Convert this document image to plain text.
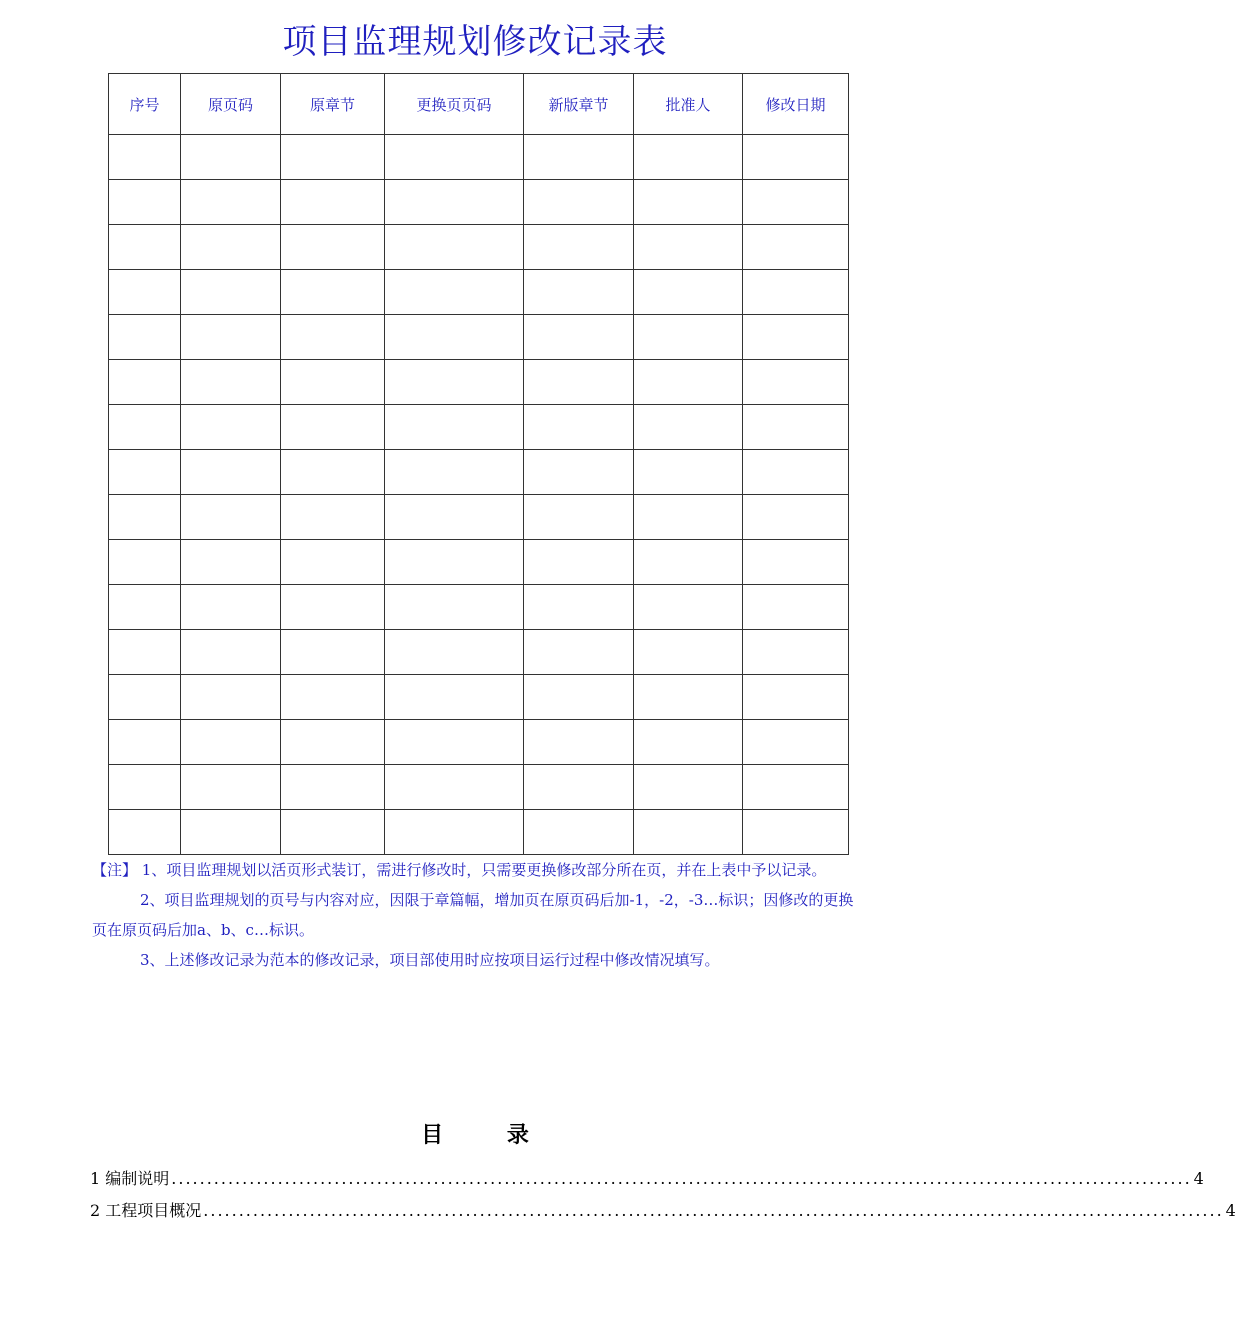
项目监理规划修改记录表
序号	原页码	原章节	更换页页码	新版章节	批准人	修改日期

【注】 1、项目监理规划以活页形式装订，需进行修改时，只需要更换修改部分所在页，并在上表中予以记录。

2、项目监理规划的页号与内容对应，因限于章篇幅，增加页在原页码后加-1，-2，-3…标识；因修改的更换页在原页码后加a、b、c…标识。

3、上述修改记录为范本的修改记录，项目部使用时应按项目运行过程中修改情况填写。

目 录
1 编制说明 ................................................................................................................................................ 4
2 工程项目概况 ................................................................................................................................................ 4
